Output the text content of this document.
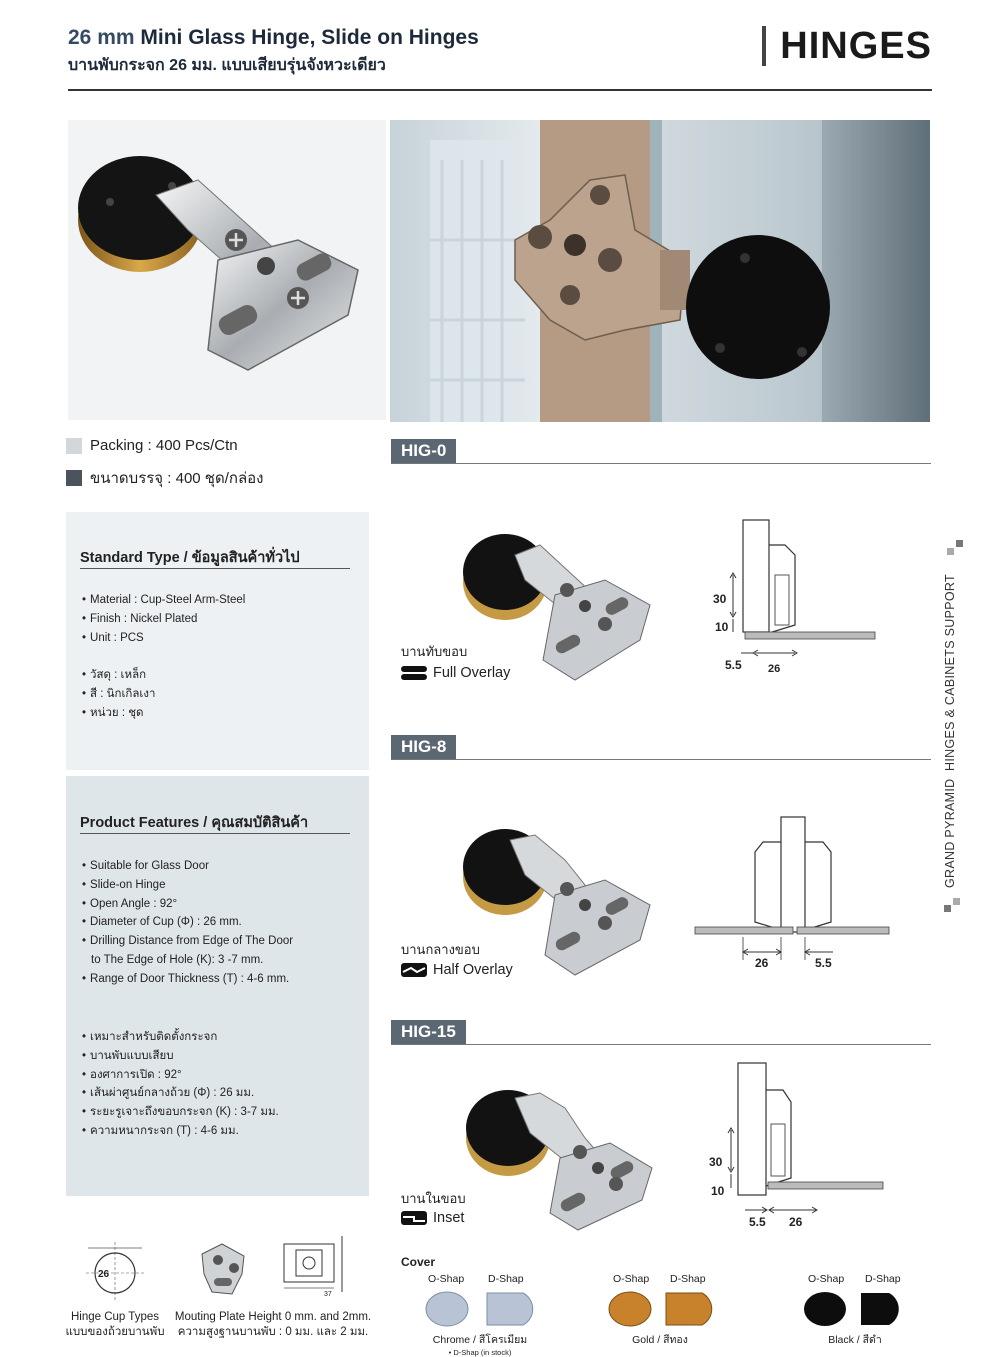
26 mm Mini Glass Hinge, Slide on Hinges
บานพับกระจก 26 มม. แบบเสียบรุ่นจังหวะเดียว	HINGES
Packing : 400 Pcs/Ctn
ขนาดบรรจุ : 400 ชุด/กล่อง
Standard Type / ข้อมูลสินค้าทั่วไป
• Material : Cup-Steel Arm-Steel
• Finish : Nickel Plated
• Unit : PCS
• วัสดุ : เหล็ก
• สี : นิกเกิลเงา
• หน่วย : ชุด
Product Features / คุณสมบัติสินค้า
• Suitable for Glass Door
• Slide-on Hinge
• Open Angle : 92°
• Diameter of Cup (Φ) : 26 mm.
• Drilling Distance from Edge of The Door
to The Edge of Hole (K): 3 -7 mm.
• Range of Door Thickness (T) : 4-6 mm.
• เหมาะสำหรับติดตั้งกระจก
• บานพับแบบเสียบ
• องศาการเปิด : 92°
• เส้นผ่าศูนย์กลางถ้วย (Φ) : 26 มม.
• ระยะรูเจาะถึงขอบกระจก (K) : 3-7 มม.
• ความหนากระจก (T) : 4-6 มม.
HIG-0
บานทับขอบ
Full Overlay
30
10
5.5 26
HIG-8
บานกลางขอบ
Half Overlay	26	5.5
HIG-15
บานในขอบ
Inset
30
10
5.5 26
GRAND PYRAMID  HINGES & CABINETS SUPPORT
26
Hinge Cup Types
แบบของถ้วยบานพับ
37
Mouting Plate Height 0 mm. and 2mm.
ความสูงฐานบานพับ : 0 มม. และ 2 มม.
Cover
O-Shap D-Shap
Chrome / สีโครเมียม
• D-Shap (in stock)
O-Shap D-Shap
Gold / สีทอง
O-Shap D-Shap
Black / สีดำ
